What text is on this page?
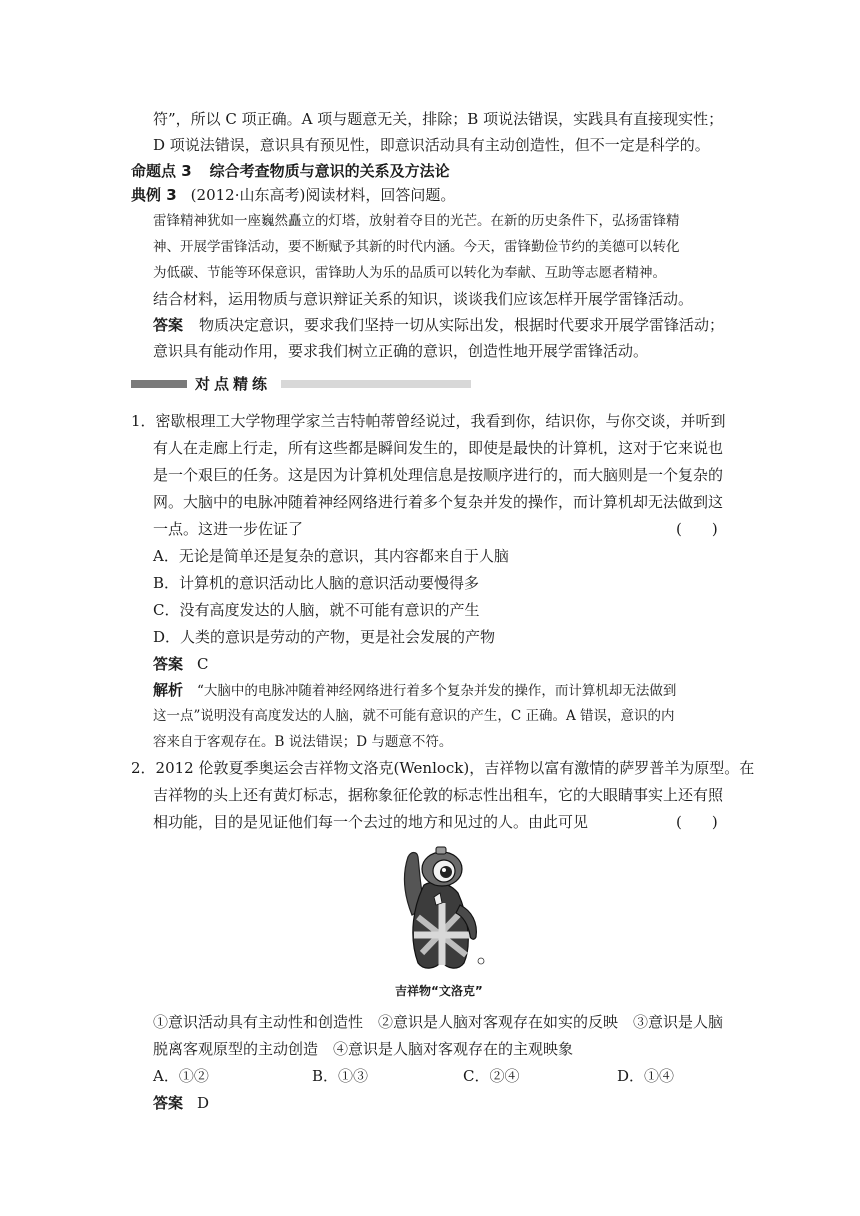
符”，所以 C 项正确。A 项与题意无关，排除；B 项说法错误，实践具有直接现实性；
D 项说法错误，意识具有预见性，即意识活动具有主动创造性，但不一定是科学的。
命题点 3 综合考查物质与意识的关系及方法论
典例 3 (2012·山东高考)阅读材料，回答问题。
雷锋精神犹如一座巍然矗立的灯塔，放射着夺目的光芒。在新的历史条件下，弘扬雷锋精
神、开展学雷锋活动，要不断赋予其新的时代内涵。今天，雷锋勤俭节约的美德可以转化
为低碳、节能等环保意识，雷锋助人为乐的品质可以转化为奉献、互助等志愿者精神。
结合材料，运用物质与意识辩证关系的知识，谈谈我们应该怎样开展学雷锋活动。
答案 物质决定意识，要求我们坚持一切从实际出发，根据时代要求开展学雷锋活动；
意识具有能动作用，要求我们树立正确的意识，创造性地开展学雷锋活动。
对点精练
1．密歇根理工大学物理学家兰吉特帕蒂曾经说过，我看到你，结识你，与你交谈，并听到
有人在走廊上行走，所有这些都是瞬间发生的，即使是最快的计算机，这对于它来说也
是一个艰巨的任务。这是因为计算机处理信息是按顺序进行的，而大脑则是一个复杂的
网。大脑中的电脉冲随着神经网络进行着多个复杂并发的操作，而计算机却无法做到这
一点。这进一步佐证了	(　　)
A．无论是简单还是复杂的意识，其内容都来自于人脑
B．计算机的意识活动比人脑的意识活动要慢得多
C．没有高度发达的人脑，就不可能有意识的产生
D．人类的意识是劳动的产物，更是社会发展的产物
答案 C
解析 “大脑中的电脉冲随着神经网络进行着多个复杂并发的操作，而计算机却无法做到
这一点”说明没有高度发达的人脑，就不可能有意识的产生，C 正确。A 错误，意识的内
容来自于客观存在。B 说法错误；D 与题意不符。
2．2012 伦敦夏季奥运会吉祥物文洛克(Wenlock)，吉祥物以富有激情的萨罗普羊为原型。在
吉祥物的头上还有黄灯标志，据称象征伦敦的标志性出租车，它的大眼睛事实上还有照
相功能，目的是见证他们每一个去过的地方和见过的人。由此可见	(　　)
吉祥物“文洛克”
①意识活动具有主动性和创造性　②意识是人脑对客观存在如实的反映　③意识是人脑
脱离客观原型的主动创造　④意识是人脑对客观存在的主观映象
A．①②	B．①③	C．②④	D．①④
答案 D
